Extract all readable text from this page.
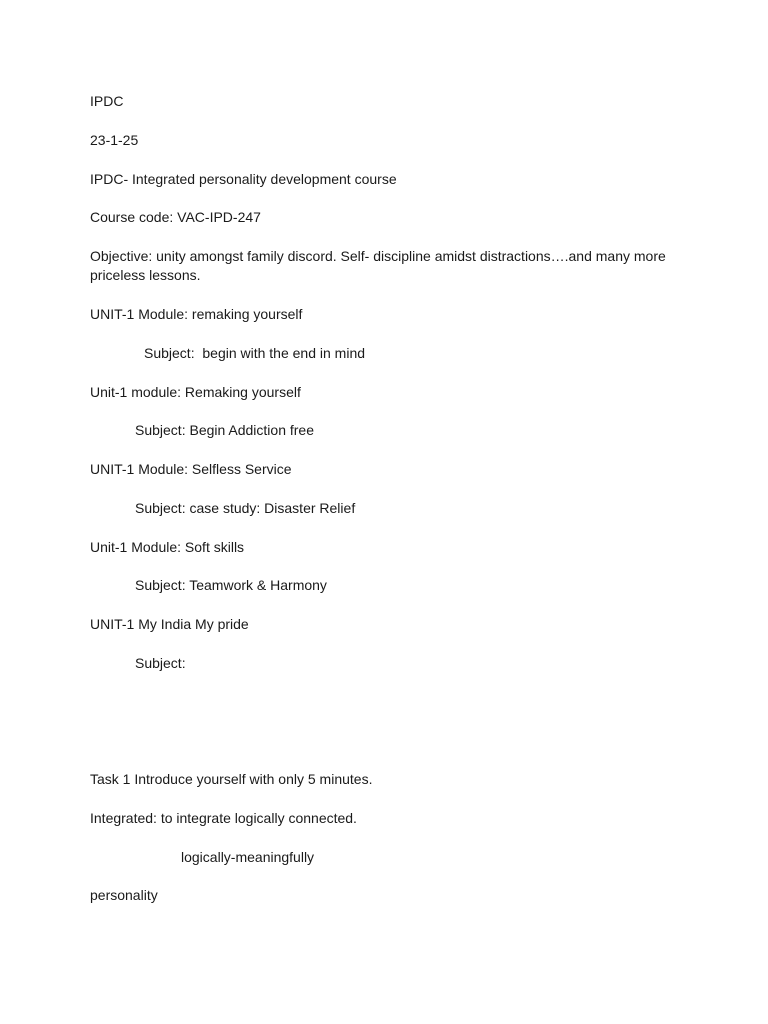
IPDC
23-1-25
IPDC- Integrated personality development course
Course code: VAC-IPD-247
Objective: unity amongst family discord. Self- discipline amidst distractions….and many more priceless lessons.
UNIT-1 Module: remaking yourself
Subject:  begin with the end in mind
Unit-1 module: Remaking yourself
Subject: Begin Addiction free
UNIT-1 Module: Selfless Service
Subject: case study: Disaster Relief
Unit-1 Module: Soft skills
Subject: Teamwork & Harmony
UNIT-1 My India My pride
Subject:
Task 1 Introduce yourself with only 5 minutes.
Integrated: to integrate logically connected.
logically-meaningfully
personality
